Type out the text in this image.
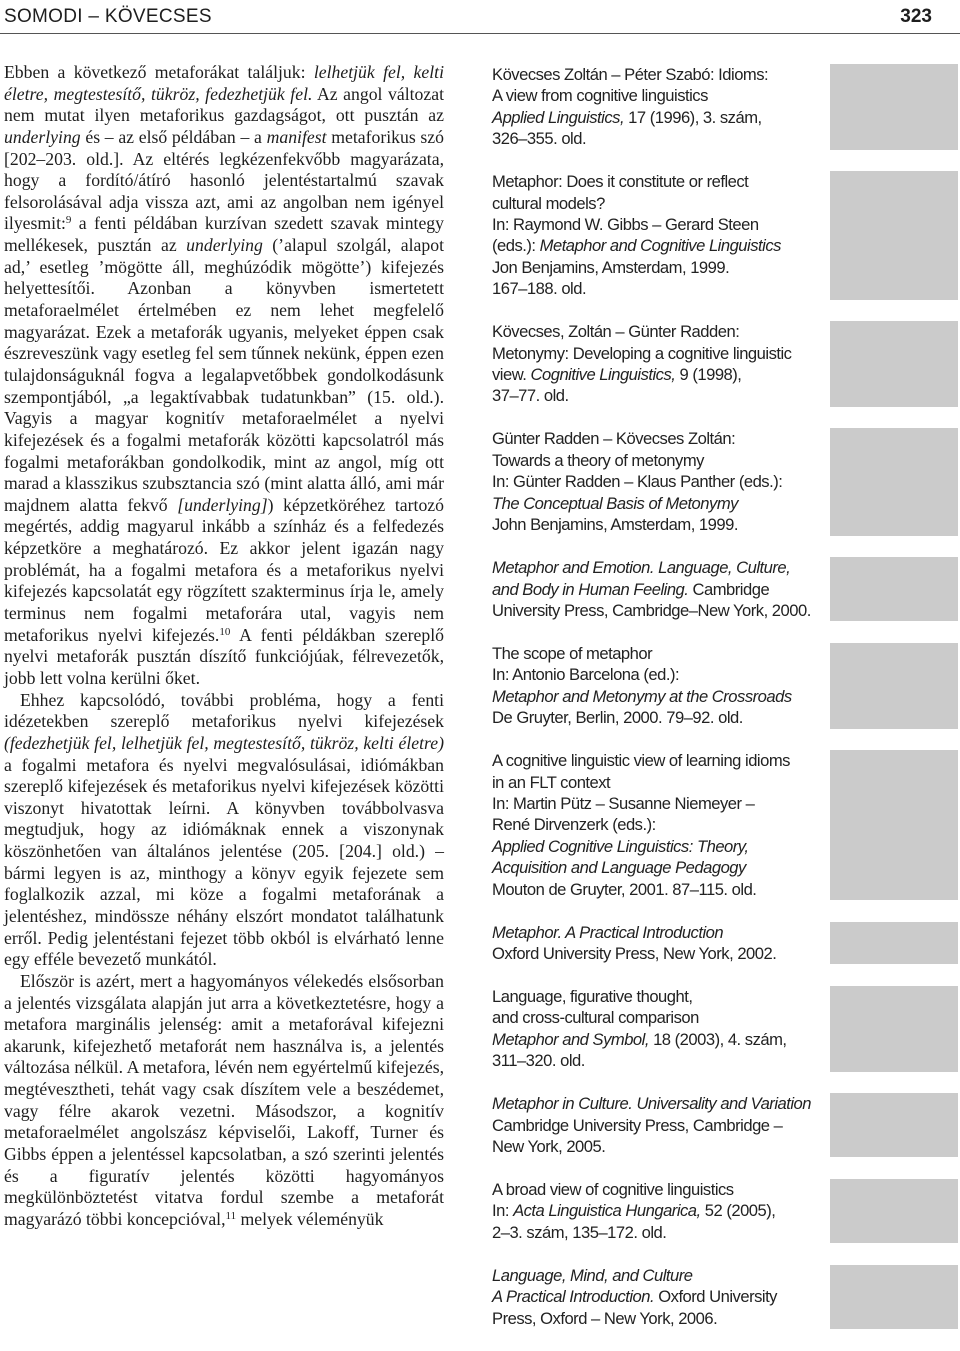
SOMODI – KÖVECSES	323

Ebben a következő metaforákat találjuk: lelhetjük fel, kelti életre, megtestesítő, tükröz, fedezhetjük fel. Az angol változat nem mutat ilyen metaforikus gazdagságot, ott pusztán az underlying és – az első példában – a manifest metaforikus szó [202–203. old.]. Az eltérés legkézenfekvőbb magyarázata, hogy a fordító/átíró hasonló jelentéstartalmú szavak felsorolásával adja vissza azt, ami az angolban nem igényel ilyesmit:$^9$ a fenti példában kurzívan szedett szavak mintegy mellékesek, pusztán az underlying (’alapul szolgál, alapot ad,’ esetleg ’mögötte áll, meghúzódik mögötte’) kifejezés helyettesítői. Azonban a könyvben ismertetett metaforaelmélet értelmében ez nem lehet megfelelő magyarázat. Ezek a metaforák ugyanis, melyeket éppen csak észreveszünk vagy esetleg fel sem tűnnek nekünk, éppen ezen tulajdonságuknál fogva a legalapvetőbbek gondolkodásunk szempontjából, „a legaktívabbak tudatunkban” (15. old.). Vagyis a magyar kognitív metaforaelmélet a nyelvi kifejezések és a fogalmi metaforák közötti kapcsolatról más fogalmi metaforákban gondolkodik, mint az angol, míg ott marad a klasszikus szubsztancia szó (mint alatta álló, ami már majdnem alatta fekvő [underlying]) képzetköréhez tartozó megértés, addig magyarul inkább a színház és a felfedezés képzetköre a meghatározó. Ez akkor jelent igazán nagy problémát, ha a fogalmi metafora és a metaforikus nyelvi kifejezés kapcsolatát egy rögzített szakterminus írja le, amely terminus nem fogalmi metaforára utal, vagyis nem metaforikus nyelvi kifejezés.$^{10}$ A fenti példákban szereplő nyelvi metaforák pusztán díszítő funkciójúak, félrevezetők, jobb lett volna kerülni őket.

Ehhez kapcsolódó, további probléma, hogy a fenti idézetekben szereplő metaforikus nyelvi kifejezések (fedezhetjük fel, lelhetjük fel, megtestesítő, tükröz, kelti életre) a fogalmi metafora és nyelvi megvalósulásai, idiómákban szereplő kifejezések és metaforikus nyelvi kifejezések közötti viszonyt hivatottak leírni. A könyvben továbbolvasva megtudjuk, hogy az idiómáknak ennek a viszonynak köszönhetően van általános jelentése (205. [204.] old.) – bármi legyen is az, minthogy a könyv egyik fejezete sem foglalkozik azzal, mi köze a fogalmi metaforának a jelentéshez, mindössze néhány elszórt mondatot találhatunk erről. Pedig jelentéstani fejezet több okból is elvárható lenne egy efféle bevezető munkától.

Először is azért, mert a hagyományos vélekedés elsősorban a jelentés vizsgálata alapján jut arra a következtetésre, hogy a metafora marginális jelenség: amit a metaforával kifejezni akarunk, kifejezhető metaforát nem használva is, a jelentés változása nélkül. A metafora, lévén nem egyértelmű kifejezés, megtévesztheti, tehát vagy csak díszítem vele a beszédemet, vagy félre akarok vezetni. Másodszor, a kognitív metaforaelmélet angolszász képviselői, Lakoff, Turner és Gibbs éppen a jelentéssel kapcsolatban, a szó szerinti jelentés és a figuratív jelentés közötti hagyományos megkülönböztetést vitatva fordul szembe a metaforát magyarázó többi koncepcióval,$^{11}$ melyek véleményük

Kövecses Zoltán – Péter Szabó: Idioms:
A view from cognitive linguistics
Applied Linguistics, 17 (1996), 3. szám,
326–355. old.
Metaphor: Does it constitute or reflect
cultural models?
In: Raymond W. Gibbs – Gerard Steen
(eds.): Metaphor and Cognitive Linguistics
Jon Benjamins, Amsterdam, 1999.
167–188. old.
Kövecses, Zoltán – Günter Radden:
Metonymy: Developing a cognitive linguistic
view. Cognitive Linguistics, 9 (1998),
37–77. old.
Günter Radden – Kövecses Zoltán:
Towards a theory of metonymy
In: Günter Radden – Klaus Panther (eds.):
The Conceptual Basis of Metonymy
John Benjamins, Amsterdam, 1999.
Metaphor and Emotion. Language, Culture,
and Body in Human Feeling. Cambridge
University Press, Cambridge–New York, 2000.
The scope of metaphor
In: Antonio Barcelona (ed.):
Metaphor and Metonymy at the Crossroads
De Gruyter, Berlin, 2000. 79–92. old.
A cognitive linguistic view of learning idioms
in an FLT context
In: Martin Pütz – Susanne Niemeyer –
René Dirvenzerk (eds.):
Applied Cognitive Linguistics: Theory,
Acquisition and Language Pedagogy
Mouton de Gruyter, 2001. 87–115. old.
Metaphor. A Practical Introduction
Oxford University Press, New York, 2002.
Language, figurative thought,
and cross-cultural comparison
Metaphor and Symbol, 18 (2003), 4. szám,
311–320. old.
Metaphor in Culture. Universality and Variation
Cambridge University Press, Cambridge –
New York, 2005.
A broad view of cognitive linguistics
In: Acta Linguistica Hungarica, 52 (2005),
2–3. szám, 135–172. old.
Language, Mind, and Culture
A Practical Introduction. Oxford University
Press, Oxford – New York, 2006.
